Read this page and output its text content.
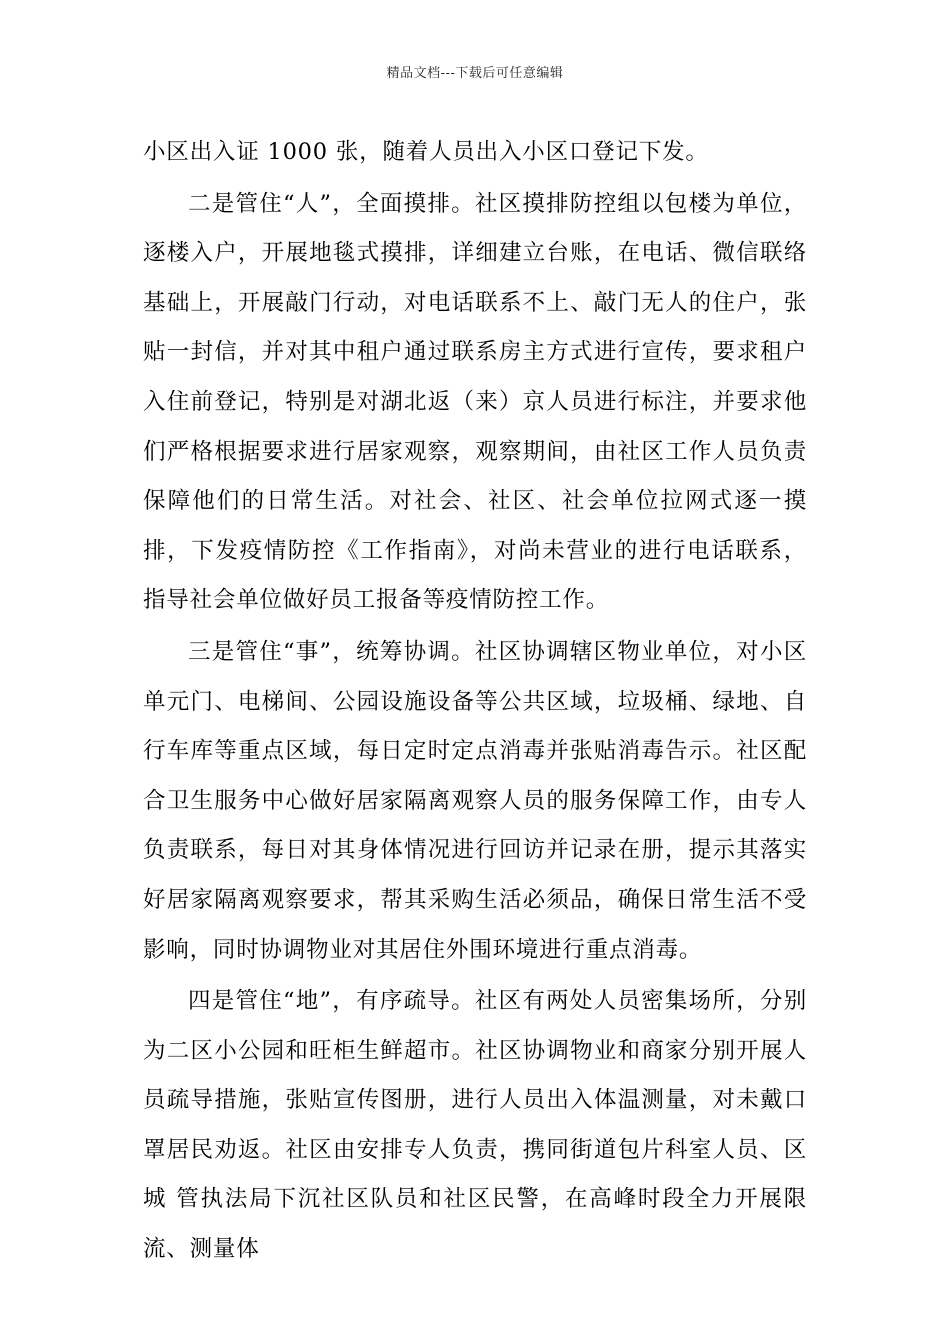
精品文档---下载后可任意编辑

小区出入证 1000 张，随着人员出入小区口登记下发。

二是管住“人”，全面摸排。社区摸排防控组以包楼为单位，逐楼入户，开展地毯式摸排，详细建立台账，在电话、微信联络基础上，开展敲门行动，对电话联系不上、敲门无人的住户，张贴一封信，并对其中租户通过联系房主方式进行宣传，要求租户入住前登记，特别是对湖北返（来）京人员进行标注，并要求他们严格根据要求进行居家观察，观察期间，由社区工作人员负责保障他们的日常生活。对社会、社区、社会单位拉网式逐一摸排，下发疫情防控《工作指南》，对尚未营业的进行电话联系，指导社会单位做好员工报备等疫情防控工作。

三是管住“事”，统筹协调。社区协调辖区物业单位，对小区单元门、电梯间、公园设施设备等公共区域，垃圾桶、绿地、自行车库等重点区域，每日定时定点消毒并张贴消毒告示。社区配合卫生服务中心做好居家隔离观察人员的服务保障工作，由专人负责联系，每日对其身体情况进行回访并记录在册，提示其落实好居家隔离观察要求，帮其采购生活必须品，确保日常生活不受影响，同时协调物业对其居住外围环境进行重点消毒。

四是管住“地”，有序疏导。社区有两处人员密集场所，分别为二区小公园和旺柜生鲜超市。社区协调物业和商家分别开展人员疏导措施，张贴宣传图册，进行人员出入体温测量，对未戴口罩居民劝返。社区由安排专人负责，携同街道包片科室人员、区城 管执法局下沉社区队员和社区民警，在高峰时段全力开展限流、测量体
